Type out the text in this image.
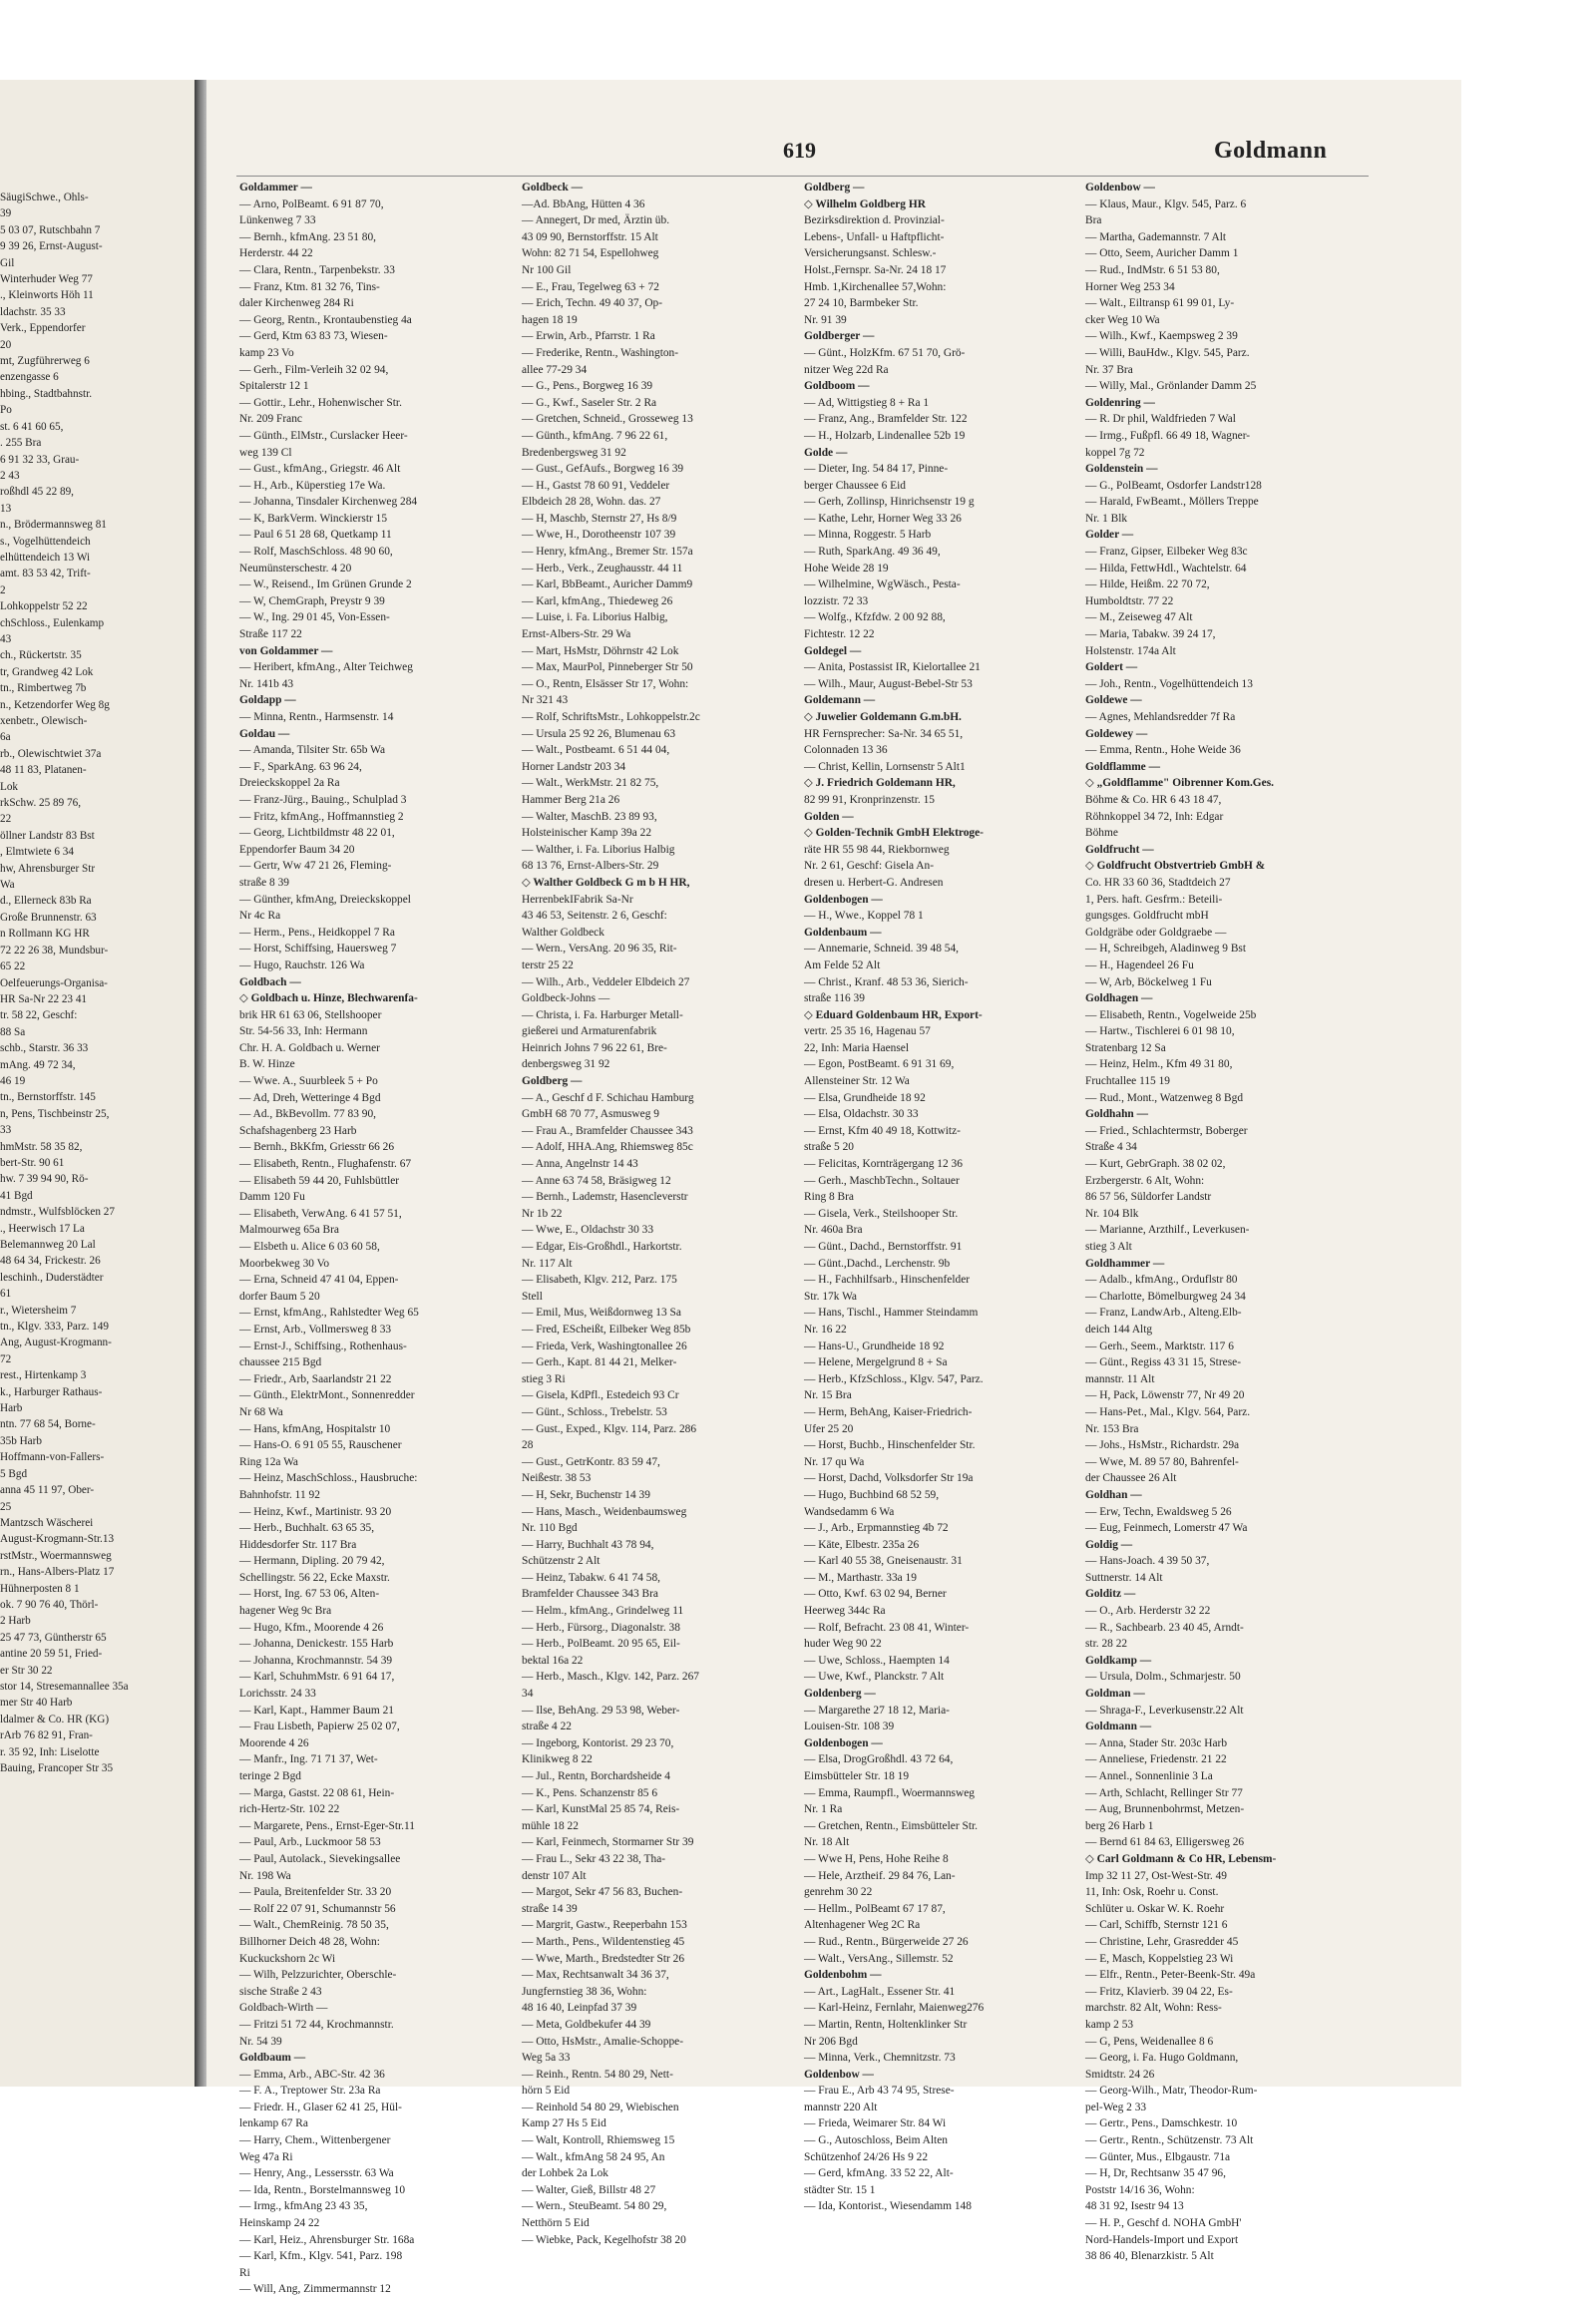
SäugiSchwe., Ohls-
39
5 03 07, Rutschbahn 7
9 39 26, Ernst-August-
Gil
Winterhuder Weg 77
., Kleinworts Höh 11
ldachstr. 35 33
Verk., Eppendorfer
20
mt, Zugführerweg 6
enzengasse 6
hbing., Stadtbahnstr.
Po
st. 6 41 60 65,
. 255 Bra
6 91 32 33, Grau-
2 43
roßhdl 45 22 89,
13
n., Brödermannsweg 81
s., Vogelhüttendeich
elhüttendeich 13 Wi
amt. 83 53 42, Trift-
2
Lohkoppelstr 52 22
chSchloss., Eulenkamp
43
ch., Rückertstr. 35
tr, Grandweg 42 Lok
tn., Rimbertweg 7b
n., Ketzendorfer Weg 8g
xenbetr., Olewisch-
6a
rb., Olewischtwiet 37a
48 11 83, Platanen-
Lok
rkSchw. 25 89 76,
22
öllner Landstr 83 Bst
, Elmtwiete 6 34
hw, Ahrensburger Str
Wa
d., Ellerneck 83b Ra
Große Brunnenstr. 63
n Rollmann KG HR
72 22 26 38, Mundsbur-
65 22
Oelfeuerungs-Organisa-
HR Sa-Nr 22 23 41
tr. 58 22, Geschf:
88 Sa
schb., Starstr. 36 33
mAng. 49 72 34,
46 19
tn., Bernstorffstr. 145
n, Pens, Tischbeinstr 25,
33
hmMstr. 58 35 82,
bert-Str. 90 61
hw. 7 39 94 90, Rö-
41 Bgd
ndmstr., Wulfsblöcken 27
., Heerwisch 17 La
Belemannweg 20 Lal
48 64 34, Frickestr. 26
leschinh., Duderstädter
61
r., Wietersheim 7
tn., Klgv. 333, Parz. 149
Ang, August-Krogmann-
72
rest., Hirtenkamp 3
k., Harburger Rathaus-
Harb
ntn. 77 68 54, Borne-
35b Harb
Hoffmann-von-Fallers-
5 Bgd
anna 45 11 97, Ober-
25
Mantzsch Wäscherei
August-Krogmann-Str.13
rstMstr., Woermannsweg
rn., Hans-Albers-Platz 17
Hühnerposten 8 1
ok. 7 90 76 40, Thörl-
2 Harb
25 47 73, Güntherstr 65
antine 20 59 51, Fried-
er Str 30 22
stor 14, Stresemannallee 35a
mer Str 40 Harb
ldalmer & Co. HR (KG)
rArb 76 82 91, Fran-
r. 35 92, Inh: Liselotte
Bauing, Francoper Str 35
619	Goldmann
Goldammer —
— Arno, PolBeamt. 6 91 87 70,
Lünkenweg 7 33
— Bernh., kfmAng. 23 51 80,
Herderstr. 44 22
— Clara, Rentn., Tarpenbekstr. 33
— Franz, Ktm. 81 32 76, Tins-
daler Kirchenweg 284 Ri
— Georg, Rentn., Krontaubenstieg 4a
— Gerd, Ktm 63 83 73, Wiesen-
kamp 23 Vo
— Gerh., Film-Verleih 32 02 94,
Spitalerstr 12 1
— Gottir., Lehr., Hohenwischer Str.
Nr. 209 Franc
— Günth., ElMstr., Curslacker Heer-
weg 139 Cl
— Gust., kfmAng., Griegstr. 46 Alt
— H., Arb., Küperstieg 17e Wa.
— Johanna, Tinsdaler Kirchenweg 284
— K, BarkVerm. Winckierstr 15
— Paul 6 51 28 68, Quetkamp 11
— Rolf, MaschSchloss. 48 90 60,
Neumünsterschestr. 4 20
— W., Reisend., Im Grünen Grunde 2
— W, ChemGraph, Preystr 9 39
— W., Ing. 29 01 45, Von-Essen-
Straße 117 22
von Goldammer —
— Heribert, kfmAng., Alter Teichweg
Nr. 141b 43
Goldapp —
— Minna, Rentn., Harmsenstr. 14
Goldau —
— Amanda, Tilsiter Str. 65b Wa
— F., SparkAng. 63 96 24,
Dreieckskoppel 2a Ra
— Franz-Jürg., Bauing., Schulplad 3
— Fritz, kfmAng., Hoffmannstieg 2
— Georg, Lichtbildmstr 48 22 01,
Eppendorfer Baum 34 20
— Gertr, Ww 47 21 26, Fleming-
straße 8 39
— Günther, kfmAng, Dreieckskoppel
Nr 4c Ra
— Herm., Pens., Heidkoppel 7 Ra
— Horst, Schiffsing, Hauersweg 7
— Hugo, Rauchstr. 126 Wa
Goldbach —
◇ Goldbach u. Hinze, Blechwarenfa-
brik HR 61 63 06, Stellshooper
Str. 54-56 33, Inh: Hermann
Chr. H. A. Goldbach u. Werner
B. W. Hinze
— Wwe. A., Suurbleek 5 + Po
— Ad, Dreh, Wetteringe 4 Bgd
— Ad., BkBevollm. 77 83 90,
Schafshagenberg 23 Harb
— Bernh., BkKfm, Griesstr 66 26
— Elisabeth, Rentn., Flughafenstr. 67
— Elisabeth 59 44 20, Fuhlsbüttler
Damm 120 Fu
— Elisabeth, VerwAng. 6 41 57 51,
Malmourweg 65a Bra
— Elsbeth u. Alice 6 03 60 58,
Moorbekweg 30 Vo
— Erna, Schneid 47 41 04, Eppen-
dorfer Baum 5 20
— Ernst, kfmAng., Rahlstedter Weg 65
— Ernst, Arb., Vollmersweg 8 33
— Ernst-J., Schiffsing., Rothenhaus-
chaussee 215 Bgd
— Friedr., Arb, Saarlandstr 21 22
— Günth., ElektrMont., Sonnenredder
Nr 68 Wa
— Hans, kfmAng, Hospitalstr 10
— Hans-O. 6 91 05 55, Rauschener
Ring 12a Wa
— Heinz, MaschSchloss., Hausbruche:
Bahnhofstr. 11 92
— Heinz, Kwf., Martinistr. 93 20
— Herb., Buchhalt. 63 65 35,
Hiddesdorfer Str. 117 Bra
— Hermann, Dipling. 20 79 42,
Schellingstr. 56 22, Ecke Maxstr.
— Horst, Ing. 67 53 06, Alten-
hagener Weg 9c Bra
— Hugo, Kfm., Moorende 4 26
— Johanna, Denickestr. 155 Harb
— Johanna, Krochmannstr. 54 39
— Karl, SchuhmMstr. 6 91 64 17,
Lorichsstr. 24 33
— Karl, Kapt., Hammer Baum 21
— Frau Lisbeth, Papierw 25 02 07,
Moorende 4 26
— Manfr., Ing. 71 71 37, Wet-
teringe 2 Bgd
— Marga, Gastst. 22 08 61, Hein-
rich-Hertz-Str. 102 22
— Margarete, Pens., Ernst-Eger-Str.11
— Paul, Arb., Luckmoor 58 53
— Paul, Autolack., Sievekingsallee
Nr. 198 Wa
— Paula, Breitenfelder Str. 33 20
— Rolf 22 07 91, Schumannstr 56
— Walt., ChemReinig. 78 50 35,
Billhorner Deich 48 28, Wohn:
Kuckuckshorn 2c Wi
— Wilh, Pelzzurichter, Oberschle-
sische Straße 2 43
Goldbach-Wirth —
— Fritzi 51 72 44, Krochmannstr.
Nr. 54 39
Goldbaum —
— Emma, Arb., ABC-Str. 42 36
— F. A., Treptower Str. 23a Ra
— Friedr. H., Glaser 62 41 25, Hül-
lenkamp 67 Ra
— Harry, Chem., Wittenbergener
Weg 47a Ri
— Henry, Ang., Lessersstr. 63 Wa
— Ida, Rentn., Borstelmannsweg 10
— Irmg., kfmAng 23 43 35,
Heinskamp 24 22
— Karl, Heiz., Ahrensburger Str. 168a
— Karl, Kfm., Klgv. 541, Parz. 198
Ri
— Will, Ang, Zimmermannstr 12
Goldbeck —
—Ad. BbAng, Hütten 4 36
— Annegert, Dr med, Ärztin üb.
43 09 90, Bernstorffstr. 15 Alt
Wohn: 82 71 54, Espellohweg
Nr 100 Gil
— E., Frau, Tegelweg 63 + 72
— Erich, Techn. 49 40 37, Op-
hagen 18 19
— Erwin, Arb., Pfarrstr. 1 Ra
— Frederike, Rentn., Washington-
allee 77-29 34
— G., Pens., Borgweg 16 39
— G., Kwf., Saseler Str. 2 Ra
— Gretchen, Schneid., Grosseweg 13
— Günth., kfmAng. 7 96 22 61,
Bredenbergsweg 31 92
— Gust., GefAufs., Borgweg 16 39
— H., Gastst 78 60 91, Veddeler
Elbdeich 28 28, Wohn. das. 27
— H, Maschb, Sternstr 27, Hs 8/9
— Wwe, H., Dorotheenstr 107 39
— Henry, kfmAng., Bremer Str. 157a
— Herb., Verk., Zeughausstr. 44 11
— Karl, BbBeamt., Auricher Damm9
— Karl, kfmAng., Thiedeweg 26
— Luise, i. Fa. Liborius Halbig,
Ernst-Albers-Str. 29 Wa
— Mart, HsMstr, Döhrnstr 42 Lok
— Max, MaurPol, Pinneberger Str 50
— O., Rentn, Elsässer Str 17, Wohn:
Nr 321 43
— Rolf, SchriftsMstr., Lohkoppelstr.2c
— Ursula 25 92 26, Blumenau 63
— Walt., Postbeamt. 6 51 44 04,
Horner Landstr 203 34
— Walt., WerkMstr. 21 82 75,
Hammer Berg 21a 26
— Walter, MaschB. 23 89 93,
Holsteinischer Kamp 39a 22
— Walther, i. Fa. Liborius Halbig
68 13 76, Ernst-Albers-Str. 29
◇ Walther Goldbeck G m b H HR,
HerrenbekIFabrik Sa-Nr
43 46 53, Seitenstr. 2 6, Geschf:
Walther Goldbeck
— Wern., VersAng. 20 96 35, Rit-
terstr 25 22
— Wilh., Arb., Veddeler Elbdeich 27
Goldbeck-Johns —
— Christa, i. Fa. Harburger Metall-
gießerei und Armaturenfabrik
Heinrich Johns 7 96 22 61, Bre-
denbergsweg 31 92
Goldberg —
— A., Geschf d F. Schichau Hamburg
GmbH 68 70 77, Asmusweg 9
— Frau A., Bramfelder Chaussee 343
— Adolf, HHA.Ang, Rhiemsweg 85c
— Anna, Angelnstr 14 43
— Anne 63 74 58, Bräsigweg 12
— Bernh., Lademstr, Hasencleverstr
Nr 1b 22
— Wwe, E., Oldachstr 30 33
— Edgar, Eis-Großhdl., Harkortstr.
Nr. 117 Alt
— Elisabeth, Klgv. 212, Parz. 175
Stell
— Emil, Mus, Weißdornweg 13 Sa
— Fred, EScheißt, Eilbeker Weg 85b
— Frieda, Verk, Washingtonallee 26
— Gerh., Kapt. 81 44 21, Melker-
stieg 3 Ri
— Gisela, KdPfl., Estedeich 93 Cr
— Günt., Schloss., Trebelstr. 53
— Gust., Exped., Klgv. 114, Parz. 286
28
— Gust., GetrKontr. 83 59 47,
Neißestr. 38 53
— H, Sekr, Buchenstr 14 39
— Hans, Masch., Weidenbaumsweg
Nr. 110 Bgd
— Harry, Buchhalt 43 78 94,
Schützenstr 2 Alt
— Heinz, Tabakw. 6 41 74 58,
Bramfelder Chaussee 343 Bra
— Helm., kfmAng., Grindelweg 11
— Herb., Fürsorg., Diagonalstr. 38
— Herb., PolBeamt. 20 95 65, Eil-
bektal 16a 22
— Herb., Masch., Klgv. 142, Parz. 267
34
— Ilse, BehAng. 29 53 98, Weber-
straße 4 22
— Ingeborg, Kontorist. 29 23 70,
Klinikweg 8 22
— Jul., Rentn, Borchardsheide 4
— K., Pens. Schanzenstr 85 6
— Karl, KunstMal 25 85 74, Reis-
mühle 18 22
— Karl, Feinmech, Stormarner Str 39
— Frau L., Sekr 43 22 38, Tha-
denstr 107 Alt
— Margot, Sekr 47 56 83, Buchen-
straße 14 39
— Margrit, Gastw., Reeperbahn 153
— Marth., Pens., Wildentenstieg 45
— Wwe, Marth., Bredstedter Str 26
— Max, Rechtsanwalt 34 36 37,
Jungfernstieg 38 36, Wohn:
48 16 40, Leinpfad 37 39
— Meta, Goldbekufer 44 39
— Otto, HsMstr., Amalie-Schoppe-
Weg 5a 33
— Reinh., Rentn. 54 80 29, Nett-
hörn 5 Eid
— Reinhold 54 80 29, Wiebischen
Kamp 27 Hs 5 Eid
— Walt, Kontroll, Rhiemsweg 15
— Walt., kfmAng 58 24 95, An
der Lohbek 2a Lok
— Walter, Gieß, Billstr 48 27
— Wern., SteuBeamt. 54 80 29,
Netthörn 5 Eid
— Wiebke, Pack, Kegelhofstr 38 20
Goldberg —
◇ Wilhelm Goldberg HR
Bezirksdirektion d. Provinzial-
Lebens-, Unfall- u Haftpflicht-
Versicherungsanst. Schlesw.-
Holst.,Fernspr. Sa-Nr. 24 18 17
Hmb. 1,Kirchenallee 57,Wohn:
27 24 10, Barmbeker Str.
Nr. 91 39
Goldberger —
— Günt., HolzKfm. 67 51 70, Grö-
nitzer Weg 22d Ra
Goldboom —
— Ad, Wittigstieg 8 + Ra 1
— Franz, Ang., Bramfelder Str. 122
— H., Holzarb, Lindenallee 52b 19
Golde —
— Dieter, Ing. 54 84 17, Pinne-
berger Chaussee 6 Eid
— Gerh, Zollinsp, Hinrichsenstr 19 g
— Kathe, Lehr, Horner Weg 33 26
— Minna, Roggestr. 5 Harb
— Ruth, SparkAng. 49 36 49,
Hohe Weide 28 19
— Wilhelmine, WgWäsch., Pesta-
lozzistr. 72 33
— Wolfg., Kfzfdw. 2 00 92 88,
Fichtestr. 12 22
Goldegel —
— Anita, Postassist IR, Kielortallee 21
— Wilh., Maur, August-Bebel-Str 53
Goldemann —
◇ Juwelier Goldemann G.m.bH.
HR Fernsprecher: Sa-Nr. 34 65 51,
Colonnaden 13 36
— Christ, Kellin, Lornsenstr 5 Alt1
◇ J. Friedrich Goldemann HR,
82 99 91, Kronprinzenstr. 15
Golden —
◇ Golden-Technik GmbH Elektroge-
räte HR 55 98 44, Riekbornweg
Nr. 2 61, Geschf: Gisela An-
dresen u. Herbert-G. Andresen
Goldenbogen —
— H., Wwe., Koppel 78 1
Goldenbaum —
— Annemarie, Schneid. 39 48 54,
Am Felde 52 Alt
— Christ., Kranf. 48 53 36, Sierich-
straße 116 39
◇ Eduard Goldenbaum HR, Export-
vertr. 25 35 16, Hagenau 57
22, Inh: Maria Haensel
— Egon, PostBeamt. 6 91 31 69,
Allensteiner Str. 12 Wa
— Elsa, Grundheide 18 92
— Elsa, Oldachstr. 30 33
— Ernst, Kfm 40 49 18, Kottwitz-
straße 5 20
— Felicitas, Kornträgergang 12 36
— Gerh., MaschbTechn., Soltauer
Ring 8 Bra
— Gisela, Verk., Steilshooper Str.
Nr. 460a Bra
— Günt., Dachd., Bernstorffstr. 91
— Günt.,Dachd., Lerchenstr. 9b
— H., Fachhilfsarb., Hinschenfelder
Str. 17k Wa
— Hans, Tischl., Hammer Steindamm
Nr. 16 22
— Hans-U., Grundheide 18 92
— Helene, Mergelgrund 8 + Sa
— Herb., KfzSchloss., Klgv. 547, Parz.
Nr. 15 Bra
— Herm, BehAng, Kaiser-Friedrich-
Ufer 25 20
— Horst, Buchb., Hinschenfelder Str.
Nr. 17 qu Wa
— Horst, Dachd, Volksdorfer Str 19a
— Hugo, Buchbind 68 52 59,
Wandsedamm 6 Wa
— J., Arb., Erpmannstieg 4b 72
— Käte, Elbestr. 235a 26
— Karl 40 55 38, Gneisenaustr. 31
— M., Marthastr. 33a 19
— Otto, Kwf. 63 02 94, Berner
Heerweg 344c Ra
— Rolf, Befracht. 23 08 41, Winter-
huder Weg 90 22
— Uwe, Schloss., Haempten 14
— Uwe, Kwf., Planckstr. 7 Alt
Goldenberg —
— Margarethe 27 18 12, Maria-
Louisen-Str. 108 39
Goldenbogen —
— Elsa, DrogGroßhdl. 43 72 64,
Eimsbütteler Str. 18 19
— Emma, Raumpfl., Woermannsweg
Nr. 1 Ra
— Gretchen, Rentn., Eimsbütteler Str.
Nr. 18 Alt
— Wwe H, Pens, Hohe Reihe 8
— Hele, Arztheif. 29 84 76, Lan-
genrehm 30 22
— Hellm., PolBeamt 67 17 87,
Altenhagener Weg 2C Ra
— Rud., Rentn., Bürgerweide 27 26
— Walt., VersAng., Sillemstr. 52
Goldenbohm —
— Art., LagHalt., Essener Str. 41
— Karl-Heinz, Fernlahr, Maienweg276
— Martin, Rentn, Holtenklinker Str
Nr 206 Bgd
— Minna, Verk., Chemnitzstr. 73
Goldenbow —
— Frau E., Arb 43 74 95, Strese-
mannstr 220 Alt
— Frieda, Weimarer Str. 84 Wi
— G., Autoschloss, Beim Alten
Schützenhof 24/26 Hs 9 22
— Gerd, kfmAng. 33 52 22, Alt-
städter Str. 15 1
— Ida, Kontorist., Wiesendamm 148
Goldenbow —
— Klaus, Maur., Klgv. 545, Parz. 6
Bra
— Martha, Gademannstr. 7 Alt
— Otto, Seem, Auricher Damm 1
— Rud., IndMstr. 6 51 53 80,
Horner Weg 253 34
— Walt., Eiltransp 61 99 01, Ly-
cker Weg 10 Wa
— Wilh., Kwf., Kaempsweg 2 39
— Willi, BauHdw., Klgv. 545, Parz.
Nr. 37 Bra
— Willy, Mal., Grönlander Damm 25
Goldenring —
— R. Dr phil, Waldfrieden 7 Wal
— Irmg., Fußpfl. 66 49 18, Wagner-
koppel 7g 72
Goldenstein —
— G., PolBeamt, Osdorfer Landstr128
— Harald, FwBeamt., Möllers Treppe
Nr. 1 Blk
Golder —
— Franz, Gipser, Eilbeker Weg 83c
— Hilda, FettwHdl., Wachtelstr. 64
— Hilde, Heißm. 22 70 72,
Humboldtstr. 77 22
— M., Zeiseweg 47 Alt
— Maria, Tabakw. 39 24 17,
Holstenstr. 174a Alt
Goldert —
— Joh., Rentn., Vogelhüttendeich 13
Goldewe —
— Agnes, Mehlandsredder 7f Ra
Goldewey —
— Emma, Rentn., Hohe Weide 36
Goldflamme —
◇ „Goldflamme" Oibrenner Kom.Ges.
Böhme & Co. HR 6 43 18 47,
Röhnkoppel 34 72, Inh: Edgar
Böhme
Goldfrucht —
◇ Goldfrucht Obstvertrieb GmbH &
Co. HR 33 60 36, Stadtdeich 27
1, Pers. haft. Gesfrm.: Beteili-
gungsges. Goldfrucht mbH
Goldgräbe oder Goldgraebe —
— H, Schreibgeh, Aladinweg 9 Bst
— H., Hagendeel 26 Fu
— W, Arb, Böckelweg 1 Fu
Goldhagen —
— Elisabeth, Rentn., Vogelweide 25b
— Hartw., Tischlerei 6 01 98 10,
Stratenbarg 12 Sa
— Heinz, Helm., Kfm 49 31 80,
Fruchtallee 115 19
— Rud., Mont., Watzenweg 8 Bgd
Goldhahn —
— Fried., Schlachtermstr, Boberger
Straße 4 34
— Kurt, GebrGraph. 38 02 02,
Erzbergerstr. 6 Alt, Wohn:
86 57 56, Süldorfer Landstr
Nr. 104 Blk
— Marianne, Arzthilf., Leverkusen-
stieg 3 Alt
Goldhammer —
— Adalb., kfmAng., Orduflstr 80
— Charlotte, Bömelburgweg 24 34
— Franz, LandwArb., Alteng.Elb-
deich 144 Altg
— Gerh., Seem., Marktstr. 117 6
— Günt., Regiss 43 31 15, Strese-
mannstr. 11 Alt
— H, Pack, Löwenstr 77, Nr 49 20
— Hans-Pet., Mal., Klgv. 564, Parz.
Nr. 153 Bra
— Johs., HsMstr., Richardstr. 29a
— Wwe, M. 89 57 80, Bahrenfel-
der Chaussee 26 Alt
Goldhan —
— Erw, Techn, Ewaldsweg 5 26
— Eug, Feinmech, Lomerstr 47 Wa
Goldig —
— Hans-Joach. 4 39 50 37,
Suttnerstr. 14 Alt
Golditz —
— O., Arb. Herderstr 32 22
— R., Sachbearb. 23 40 45, Arndt-
str. 28 22
Goldkamp —
— Ursula, Dolm., Schmarjestr. 50
Goldman —
— Shraga-F., Leverkusenstr.22 Alt
Goldmann —
— Anna, Stader Str. 203c Harb
— Anneliese, Friedenstr. 21 22
— Annel., Sonnenlinie 3 La
— Arth, Schlacht, Rellinger Str 77
— Aug, Brunnenbohrmst, Metzen-
berg 26 Harb 1
— Bernd 61 84 63, Elligersweg 26
◇ Carl Goldmann & Co HR, Lebensm-
Imp 32 11 27, Ost-West-Str. 49
11, Inh: Osk, Roehr u. Const.
Schlüter u. Oskar W. K. Roehr
— Carl, Schiffb, Sternstr 121 6
— Christine, Lehr, Grasredder 45
— E, Masch, Koppelstieg 23 Wi
— Elfr., Rentn., Peter-Beenk-Str. 49a
— Fritz, Klavierb. 39 04 22, Es-
marchstr. 82 Alt, Wohn: Ress-
kamp 2 53
— G, Pens, Weidenallee 8 6
— Georg, i. Fa. Hugo Goldmann,
Smidtstr. 24 26
— Georg-Wilh., Matr, Theodor-Rum-
pel-Weg 2 33
— Gertr., Pens., Damschkestr. 10
— Gertr., Rentn., Schützenstr. 73 Alt
— Günter, Mus., Elbgaustr. 71a
— H, Dr, Rechtsanw 35 47 96,
Poststr 14/16 36, Wohn:
48 31 92, Isestr 94 13
— H. P., Geschf d. NOHA GmbH'
Nord-Handels-Import und Export
38 86 40, Blenarzkistr. 5 Alt
